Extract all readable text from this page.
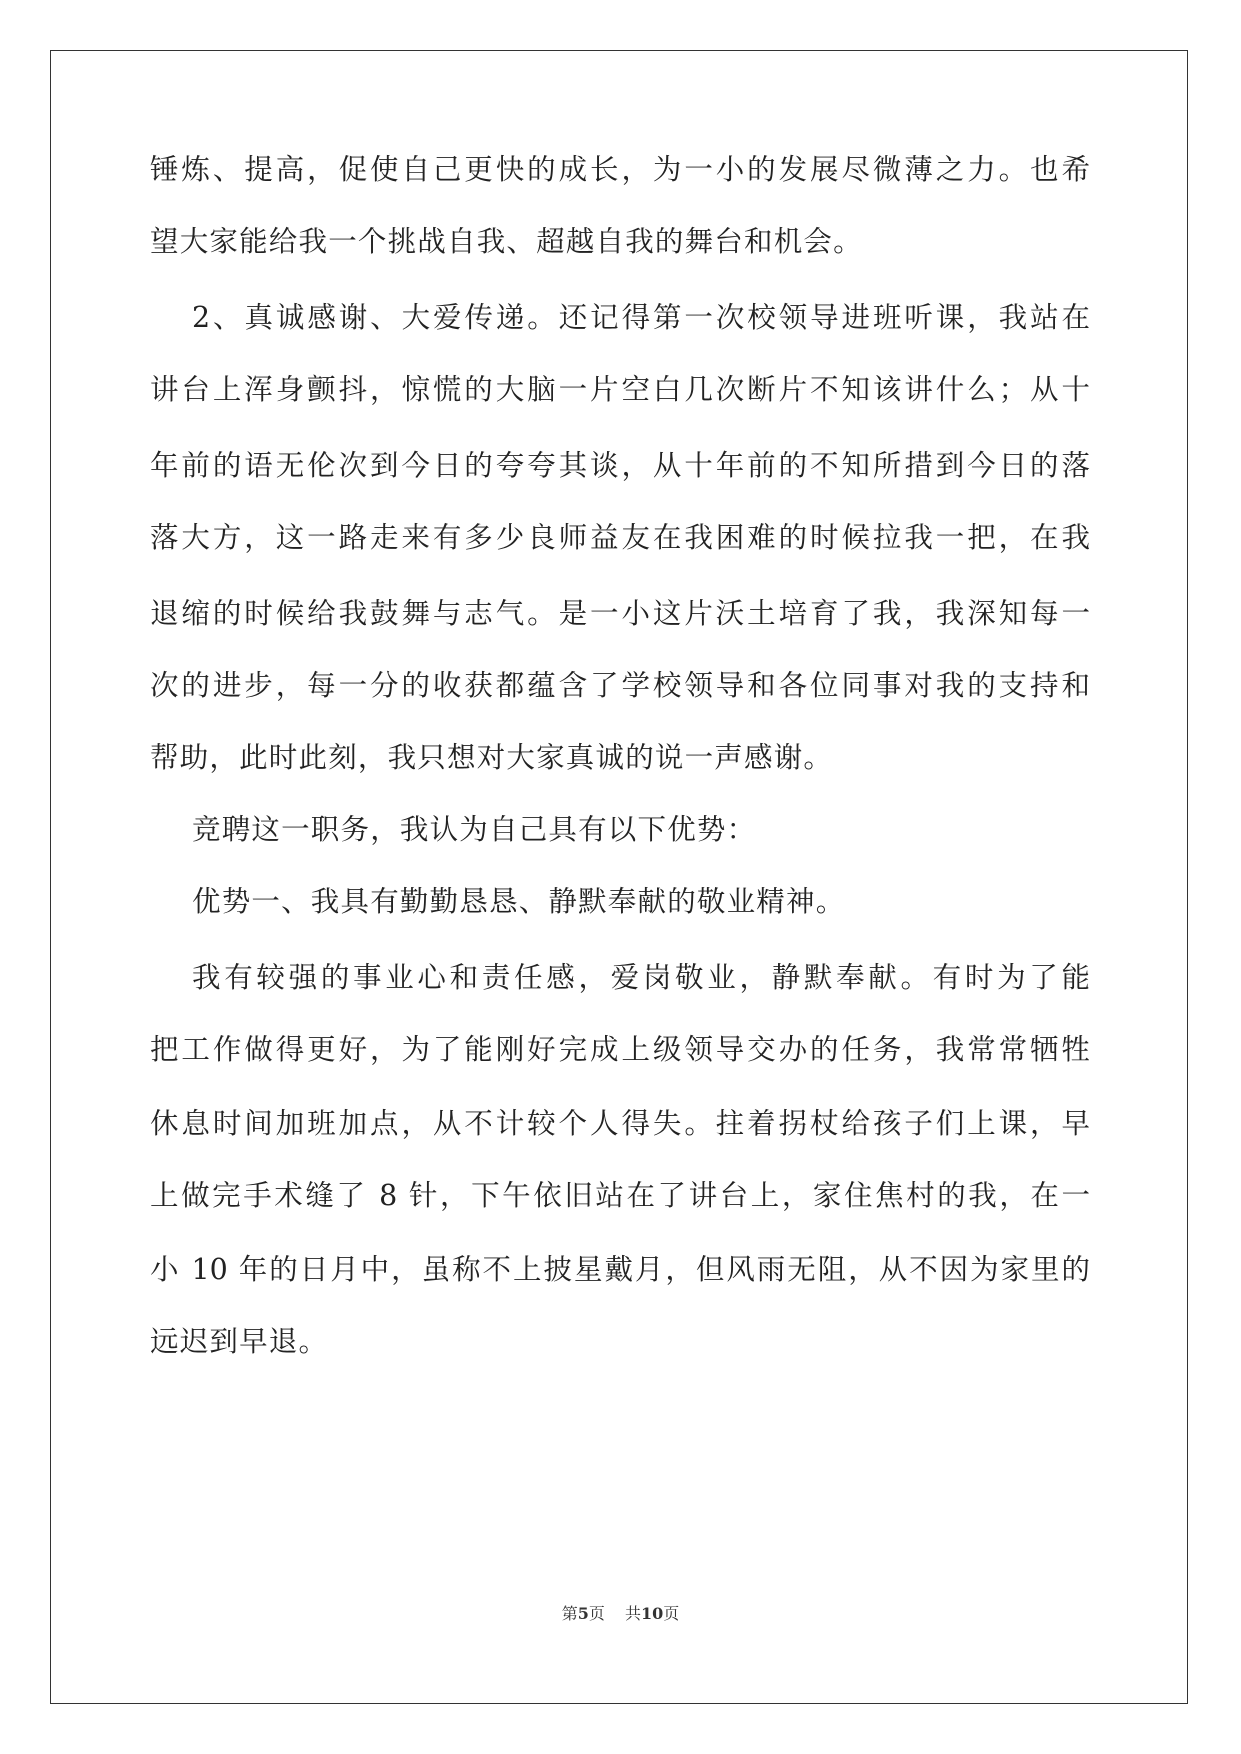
锤炼、提高，促使自己更快的成长，为一小的发展尽微薄之力。也希
望大家能给我一个挑战自我、超越自我的舞台和机会。
2、真诚感谢、大爱传递。还记得第一次校领导进班听课，我站在
讲台上浑身颤抖，惊慌的大脑一片空白几次断片不知该讲什么；从十
年前的语无伦次到今日的夸夸其谈，从十年前的不知所措到今日的落
落大方，这一路走来有多少良师益友在我困难的时候拉我一把，在我
退缩的时候给我鼓舞与志气。是一小这片沃土培育了我，我深知每一
次的进步，每一分的收获都蕴含了学校领导和各位同事对我的支持和
帮助，此时此刻，我只想对大家真诚的说一声感谢。
竞聘这一职务，我认为自己具有以下优势：
优势一、我具有勤勤恳恳、静默奉献的敬业精神。
我有较强的事业心和责任感，爱岗敬业，静默奉献。有时为了能
把工作做得更好，为了能刚好完成上级领导交办的任务，我常常牺牲
休息时间加班加点，从不计较个人得失。拄着拐杖给孩子们上课，早
上做完手术缝了 8 针，下午依旧站在了讲台上，家住焦村的我，在一
小 10 年的日月中，虽称不上披星戴月，但风雨无阻，从不因为家里的
远迟到早退。
第5页 共10页
